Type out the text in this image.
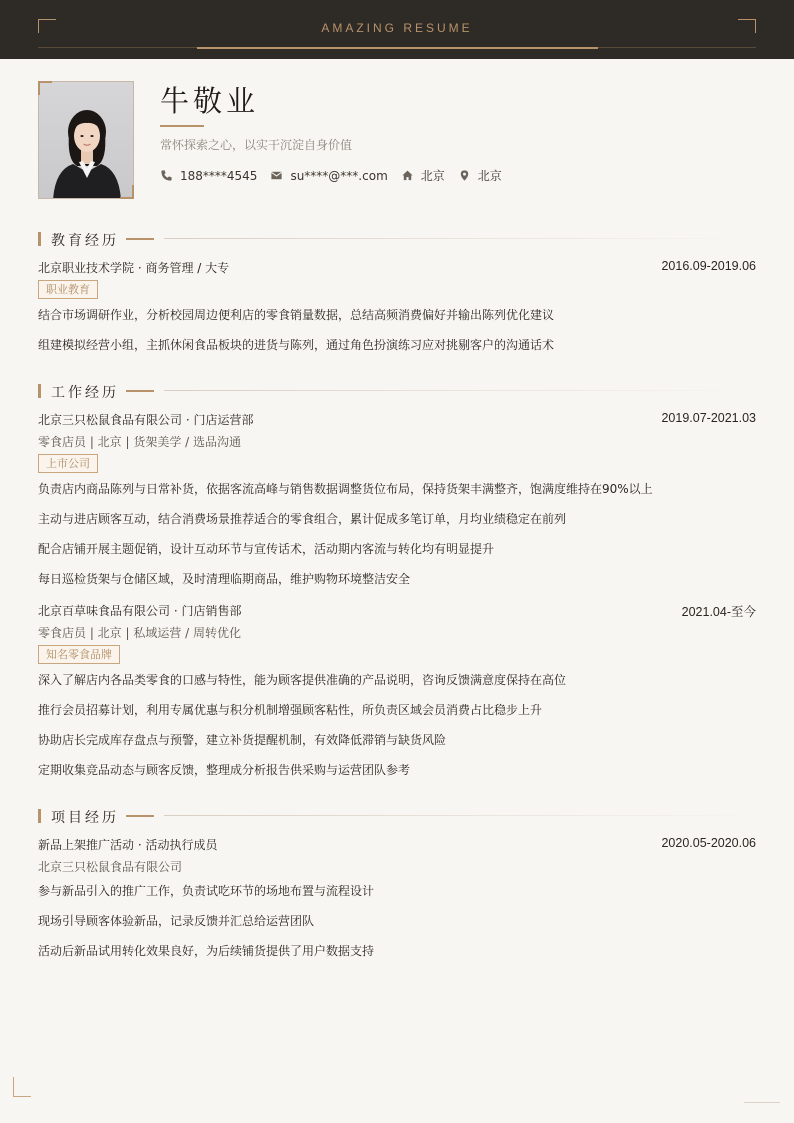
AMAZING RESUME
牛敬业
常怀探索之心，以实干沉淀自身价值
188****4545	su****@***.com	北京	北京
教育经历
北京职业技术学院 · 商务管理 / 大专	2016.09-2019.06
职业教育
结合市场调研作业，分析校园周边便利店的零食销量数据，总结高频消费偏好并输出陈列优化建议
组建模拟经营小组，主抓休闲食品板块的进货与陈列，通过角色扮演练习应对挑剔客户的沟通话术
工作经历
北京三只松鼠食品有限公司 · 门店运营部	2019.07-2021.03
零食店员 | 北京 | 货架美学 / 选品沟通
上市公司
负责店内商品陈列与日常补货，依据客流高峰与销售数据调整货位布局，保持货架丰满整齐，饱满度维持在90%以上
主动与进店顾客互动，结合消费场景推荐适合的零食组合，累计促成多笔订单，月均业绩稳定在前列
配合店铺开展主题促销，设计互动环节与宣传话术，活动期内客流与转化均有明显提升
每日巡检货架与仓储区域，及时清理临期商品，维护购物环境整洁安全
北京百草味食品有限公司 · 门店销售部	2021.04-至今
零食店员 | 北京 | 私域运营 / 周转优化
知名零食品牌
深入了解店内各品类零食的口感与特性，能为顾客提供准确的产品说明，咨询反馈满意度保持在高位
推行会员招募计划，利用专属优惠与积分机制增强顾客粘性，所负责区域会员消费占比稳步上升
协助店长完成库存盘点与预警，建立补货提醒机制，有效降低滞销与缺货风险
定期收集竞品动态与顾客反馈，整理成分析报告供采购与运营团队参考
项目经历
新品上架推广活动 · 活动执行成员	2020.05-2020.06
北京三只松鼠食品有限公司
参与新品引入的推广工作，负责试吃环节的场地布置与流程设计
现场引导顾客体验新品，记录反馈并汇总给运营团队
活动后新品试用转化效果良好，为后续铺货提供了用户数据支持
